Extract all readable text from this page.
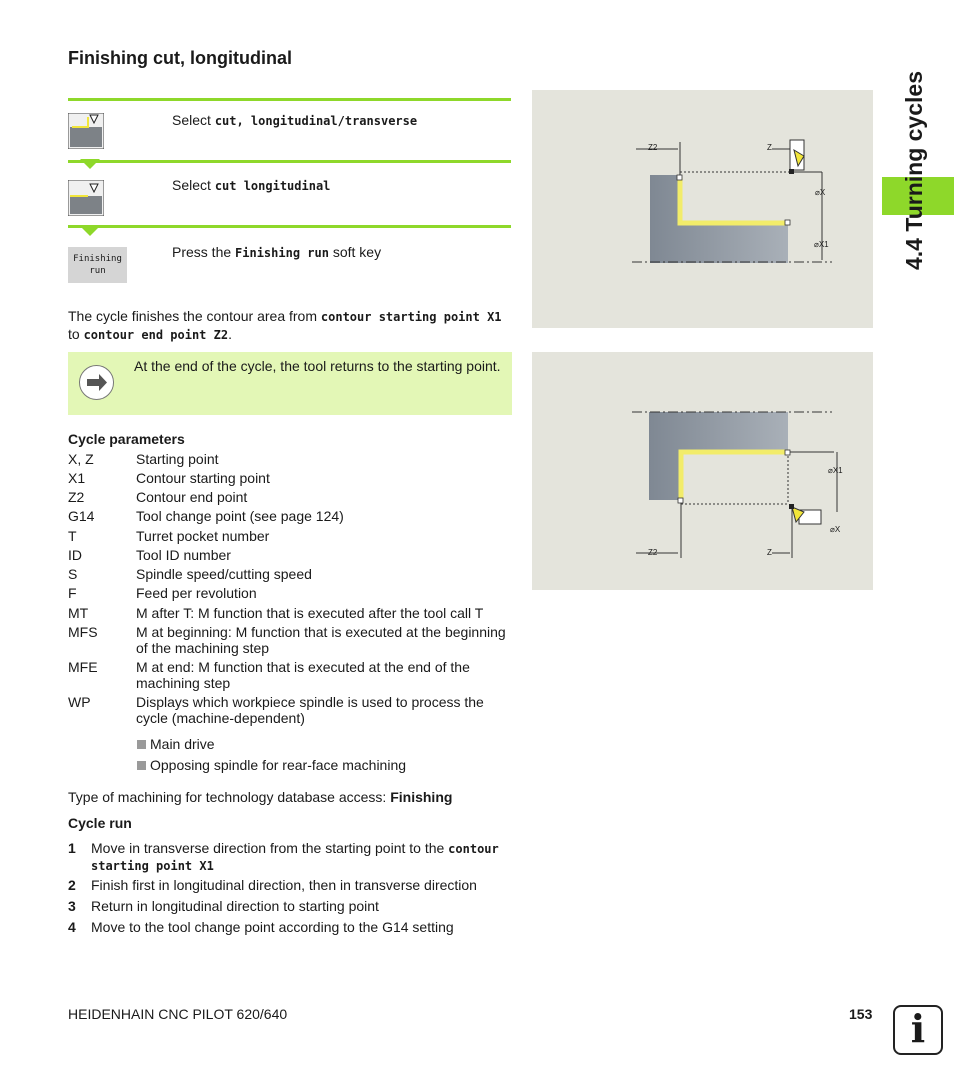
Finishing cut, longitudinal
Select cut, longitudinal/transverse
Select cut longitudinal
Finishing
run
Press the Finishing run soft key
The cycle finishes the contour area from contour starting point X1
to contour end point Z2.
At the end of the cycle, the tool returns to the starting point.
Cycle parameters
X, Z	Starting point
X1	Contour starting point
Z2	Contour end point
G14	Tool change point (see page 124)
T	Turret pocket number
ID	Tool ID number
S	Spindle speed/cutting speed
F	Feed per revolution
MT	M after T: M function that is executed after the tool call T
MFS	M at beginning: M function that is executed at the beginning of the machining step
MFE	M at end: M function that is executed at the end of the machining step
WP	Displays which workpiece spindle is used to process the cycle (machine-dependent)
Main drive
Opposing spindle for rear-face machining
Type of machining for technology database access: Finishing
Cycle run
1 Move in transverse direction from the starting point to the contour starting point X1
2 Finish first in longitudinal direction, then in transverse direction
3 Return in longitudinal direction to starting point
4 Move to the tool change point according to the G14 setting
Z2	Z
⌀X
⌀X1
Z2	Z
⌀X1
⌀X
4.4 Turning cycles
HEIDENHAIN CNC PILOT 620/640	153	i
